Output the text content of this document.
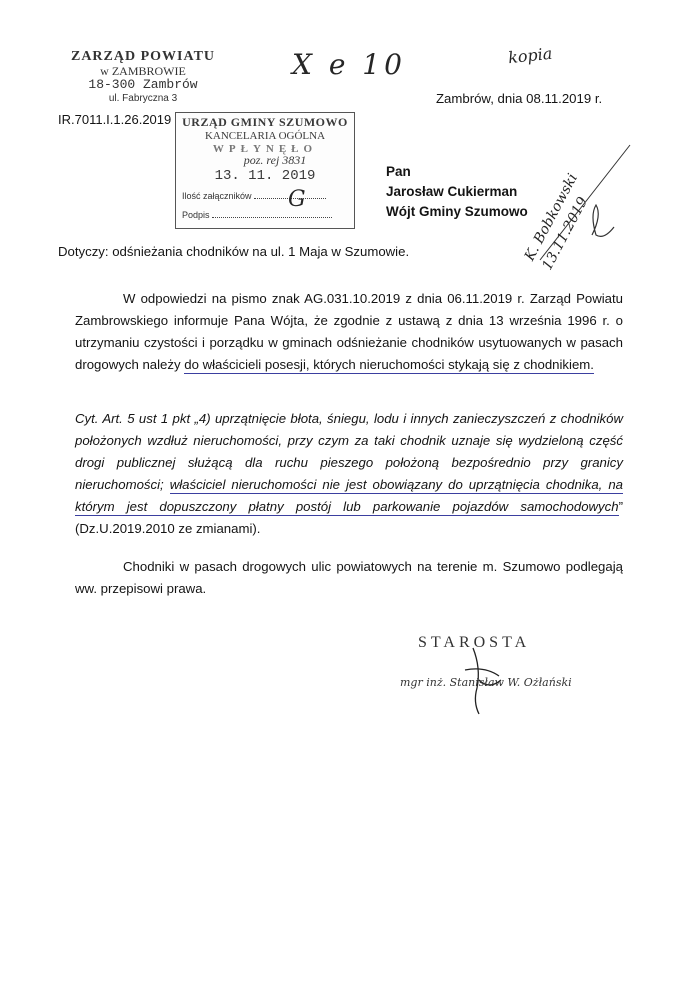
ZARZĄD POWIATU
w ZAMBROWIE
18-300 Zambrów
ul. Fabryczna 3
X e 10	kopia
Zambrów, dnia 08.11.2019 r.
IR.7011.I.1.26.2019 URZĄD GMINY SZUMOWO
KANCELARIA OGÓLNA
WPŁYNĘŁO
poz. rej 3831
13. 11. 2019
Ilość załączników
Podpis
G
Pan
Jarosław Cukierman
Wójt Gminy Szumowo
K. Bobkowski 13.11.2019
Dotyczy: odśnieżania chodników na ul. 1 Maja w Szumowie.
W odpowiedzi na pismo znak AG.031.10.2019 z dnia 06.11.2019 r. Zarząd Powiatu Zambrowskiego informuje Pana Wójta, że zgodnie z ustawą z dnia 13 września 1996 r. o utrzymaniu czystości i porządku w gminach odśnieżanie chodników usytuowanych w pasach drogowych należy do właścicieli posesji, których nieruchomości stykają się z chodnikiem.
Cyt. Art. 5 ust 1 pkt „4) uprzątnięcie błota, śniegu, lodu i innych zanieczyszczeń z chodników położonych wzdłuż nieruchomości, przy czym za taki chodnik uznaje się wydzieloną część drogi publicznej służącą dla ruchu pieszego położoną bezpośrednio przy granicy nieruchomości; właściciel nieruchomości nie jest obowiązany do uprzątnięcia chodnika, na którym jest dopuszczony płatny postój lub parkowanie pojazdów samochodowych” (Dz.U.2019.2010 ze zmianami).
Chodniki w pasach drogowych ulic powiatowych na terenie m. Szumowo podlegają ww. przepisowi prawa.
STAROSTA
mgr inż. Stanisław W. Ożłański
